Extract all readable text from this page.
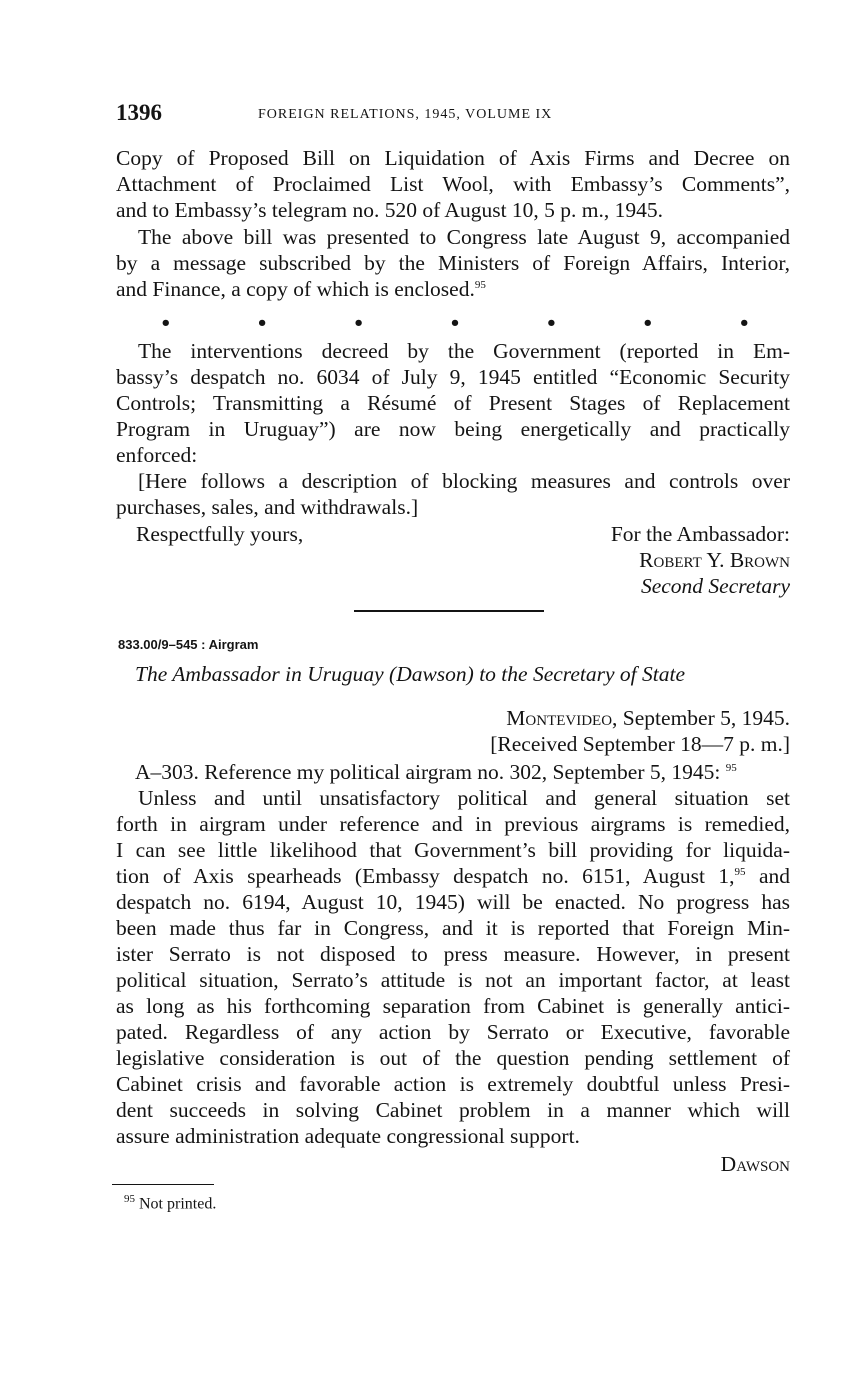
1396	FOREIGN RELATIONS, 1945, VOLUME IX
Copy of Proposed Bill on Liquidation of Axis Firms and Decree on
Attachment of Proclaimed List Wool, with Embassy’s Comments”,
and to Embassy’s telegram no. 520 of August 10, 5 p. m., 1945.
The above bill was presented to Congress late August 9, accompanied
by a message subscribed by the Ministers of Foreign Affairs, Interior,
and Finance, a copy of which is enclosed.$^{95}$
•	•	•	•	•	•	•
The interventions decreed by the Government (reported in Em-
bassy’s despatch no. 6034 of July 9, 1945 entitled “Economic Security
Controls; Transmitting a Résumé of Present Stages of Replacement
Program in Uruguay”) are now being energetically and practically
enforced:
[Here follows a description of blocking measures and controls over
purchases, sales, and withdrawals.]
Respectfully yours,	For the Ambassador:
Robert Y. Brown
Second Secretary
833.00/9–545 : Airgram
The Ambassador in Uruguay (Dawson) to the Secretary of State
Montevideo, September 5, 1945.
[Received September 18—7 p. m.]
A–303. Reference my political airgram no. 302, September 5, 1945: $^{95}$
Unless and until unsatisfactory political and general situation set
forth in airgram under reference and in previous airgrams is remedied,
I can see little likelihood that Government’s bill providing for liquida-
tion of Axis spearheads (Embassy despatch no. 6151, August 1,95 and
despatch no. 6194, August 10, 1945) will be enacted. No progress has
been made thus far in Congress, and it is reported that Foreign Min-
ister Serrato is not disposed to press measure. However, in present
political situation, Serrato’s attitude is not an important factor, at least
as long as his forthcoming separation from Cabinet is generally antici-
pated. Regardless of any action by Serrato or Executive, favorable
legislative consideration is out of the question pending settlement of
Cabinet crisis and favorable action is extremely doubtful unless Presi-
dent succeeds in solving Cabinet problem in a manner which will
assure administration adequate congressional support.
Dawson
$^{95}$ Not printed.
